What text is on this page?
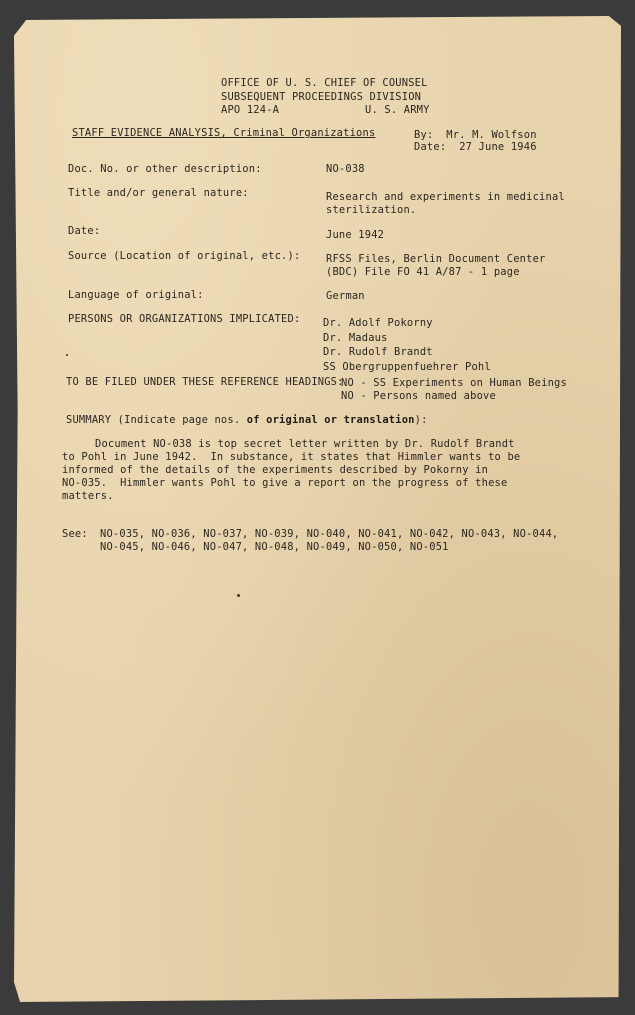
OFFICE OF U. S. CHIEF OF COUNSEL
SUBSEQUENT PROCEEDINGS DIVISION
APO 124-A	U. S. ARMY
STAFF EVIDENCE ANALYSIS, Criminal Organizations	By:  Mr. M. Wolfson
Date:  27 June 1946
Doc. No. or other description:	NO-038
Title and/or general nature:	Research and experiments in medicinal
sterilization.
Date:	June 1942
Source (Location of original, etc.): RFSS Files, Berlin Document Center
(BDC) File FO 41 A/87 - 1 page
Language of original:	German
PERSONS OR ORGANIZATIONS IMPLICATED: Dr. Adolf Pokorny
Dr. Madaus
Dr. Rudolf Brandt
SS Obergruppenfuehrer Pohl
TO BE FILED UNDER THESE REFERENCE HEADINGS:
NO - SS Experiments on Human Beings
NO - Persons named above
SUMMARY (Indicate page nos. of original or translation):
Document NO-038 is top secret letter written by Dr. Rudolf Brandt
to Pohl in June 1942.  In substance, it states that Himmler wants to be
informed of the details of the experiments described by Pokorny in
NO-035.  Himmler wants Pohl to give a report on the progress of these
matters.
See: NO-035, NO-036, NO-037, NO-039, NO-040, NO-041, NO-042, NO-043, NO-044,
NO-045, NO-046, NO-047, NO-048, NO-049, NO-050, NO-051
